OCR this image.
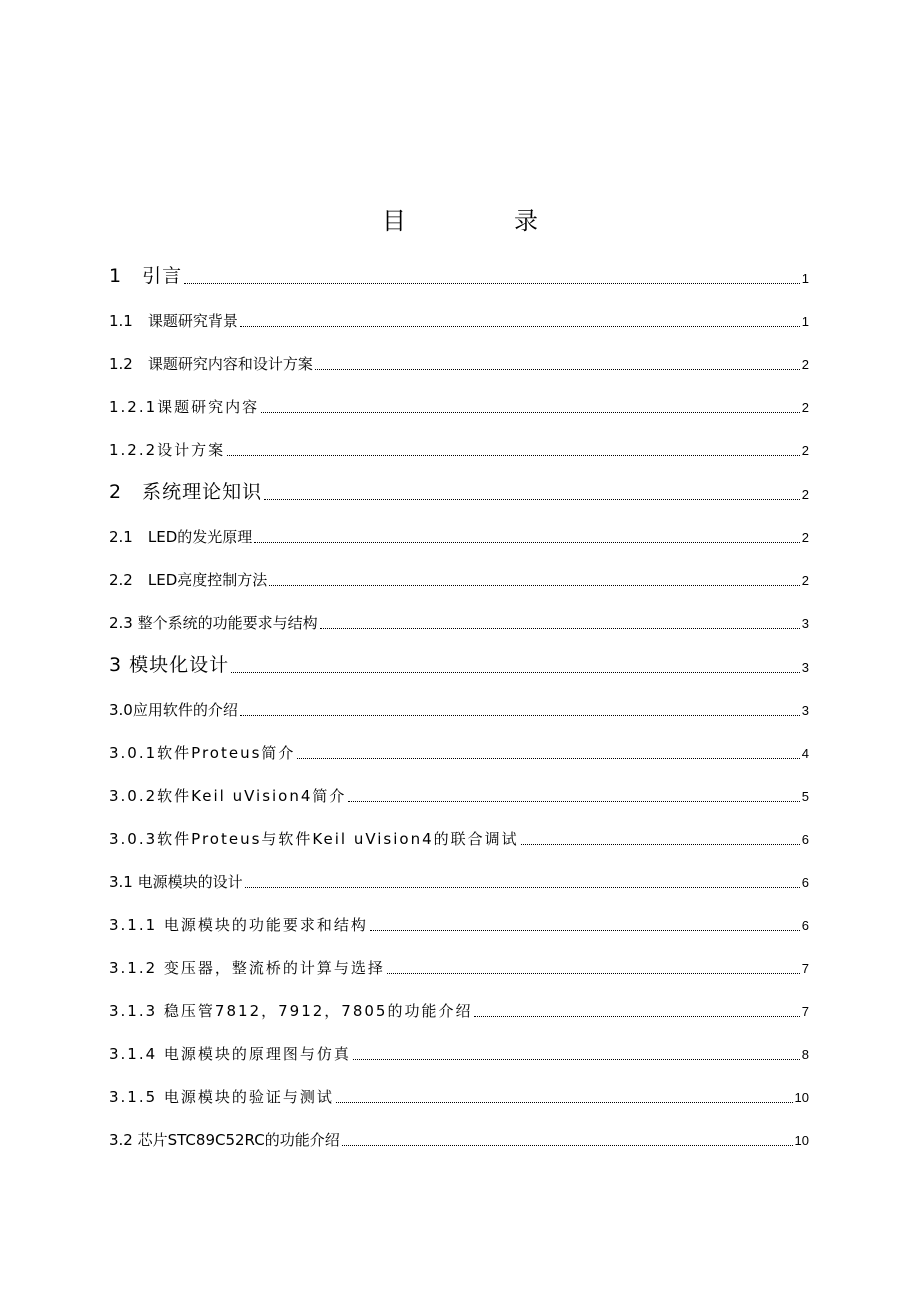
目　录
1　引言	1
1.1　课题研究背景	1
1.2　课题研究内容和设计方案	2
1.2.1课题研究内容	2
1.2.2设计方案	2
2　系统理论知识	2
2.1　LED的发光原理	2
2.2　LED亮度控制方法	2
2.3 整个系统的功能要求与结构	3
3 模块化设计	3
3.0应用软件的介绍	3
3.0.1软件Proteus简介	4
3.0.2软件Keil uVision4简介	5
3.0.3软件Proteus与软件Keil uVision4的联合调试	6
3.1 电源模块的设计	6
3.1.1 电源模块的功能要求和结构	6
3.1.2 变压器，整流桥的计算与选择	7
3.1.3 稳压管7812，7912，7805的功能介绍	7
3.1.4 电源模块的原理图与仿真	8
3.1.5 电源模块的验证与测试	10
3.2 芯片STC89C52RC的功能介绍	10
